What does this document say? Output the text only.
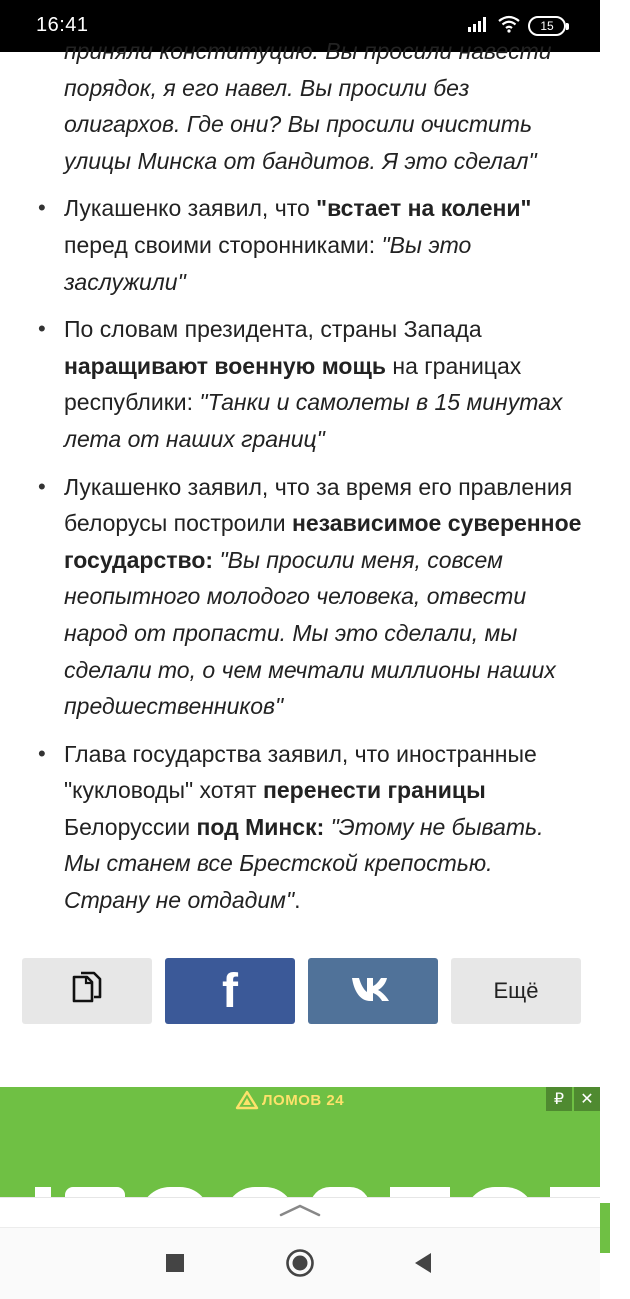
16:41	15
приняли конституцию. Вы просили навести порядок, я его навел. Вы просили без олигархов. Где они? Вы просили очистить улицы Минска от бандитов. Я это сделал"
• Лукашенко заявил, что "встает на колени" перед своими сторонниками: "Вы это заслужили"
• По словам президента, страны Запада наращивают военную мощь на границах республики: "Танки и самолеты в 15 минутах лета от наших границ"
• Лукашенко заявил, что за время его правления белорусы построили независимое суверенное государство: "Вы просили меня, совсем неопытного молодого человека, отвести народ от пропасти. Мы это сделали, мы сделали то, о чем мечтали миллионы наших предшественников"
• Глава государства заявил, что иностранные "кукловоды" хотят перенести границы Белоруссии под Минск: "Этому не бывать. Мы станем все Брестской крепостью. Страну не отдадим".
f	Ещё
ЛОМОВ 24	₽	✕
